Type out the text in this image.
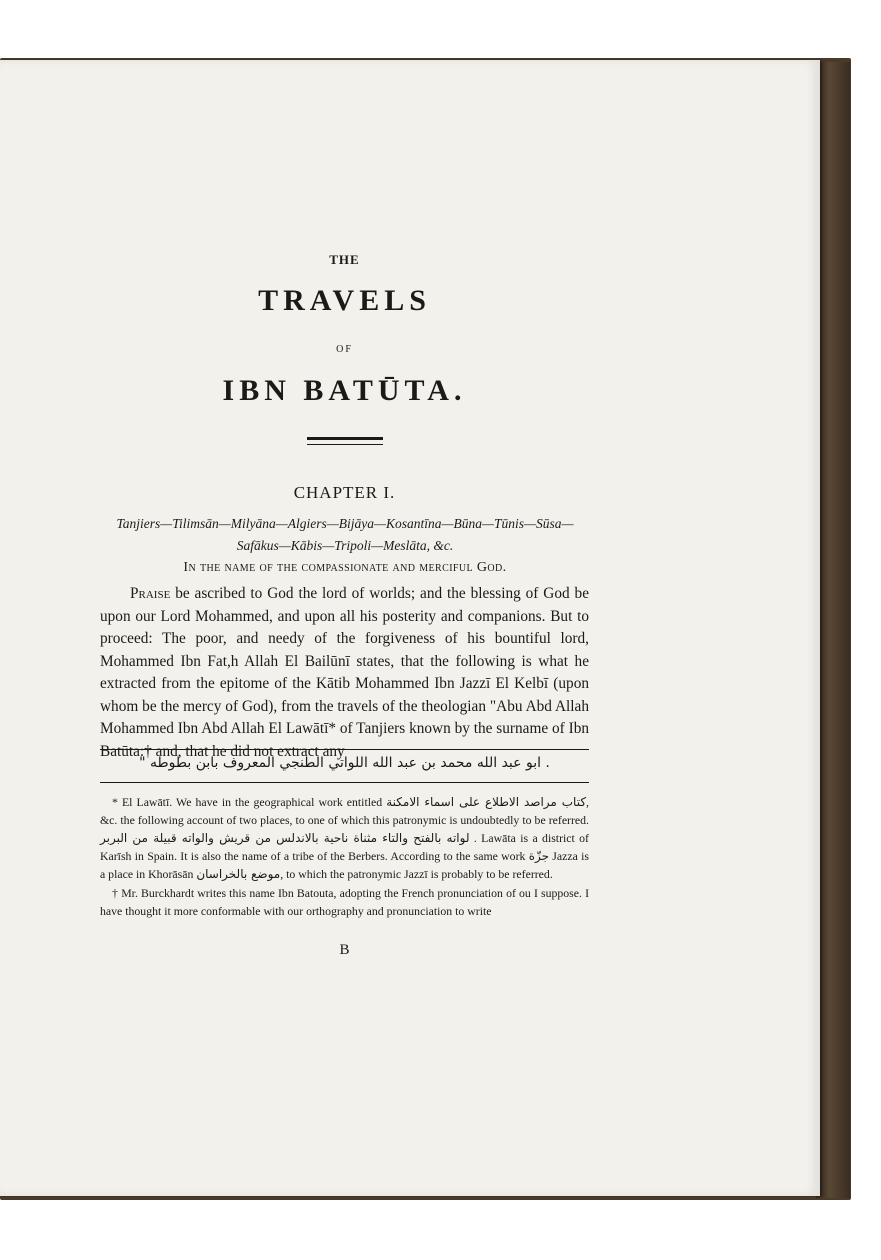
THE
TRAVELS
OF
IBN BATŪTA.
CHAPTER I.
Tanjiers—Tilimsān—Milyāna—Algiers—Bijāya—Kosantīna—Būna—Tūnis—Sūsa—Safākus—Kābis—Tripoli—Meslāta, &c.
In the name of the compassionate and merciful God.

Praise be ascribed to God the lord of worlds; and the blessing of God be upon our Lord Mohammed, and upon all his posterity and companions. But to proceed: The poor, and needy of the forgiveness of his bountiful lord, Mohammed Ibn Fat,h Allah El Bailūnī states, that the following is what he extracted from the epitome of the Kātib Mohammed Ibn Jazzī El Kelbī (upon whom be the mercy of God), from the travels of the theologian "Abu Abd Allah Mohammed Ibn Abd Allah El Lawātī* of Tanjiers known by the surname of Ibn Batūta:† and, that he did not extract any

" ابو عبد الله محمد بن عبد الله اللواتي الطنجي المعروف بابن بطوطه .

* El Lawātī. We have in the geographical work entitled كتاب مراصد الاطلاع على اسماء الامكنة, &c. the following account of two places, to one of which this patronymic is undoubtedly to be referred. لواته بالفتح والتاء مثناة ناحية بالاندلس من قريش والواته قبيلة من البربر . Lawāta is a district of Karīsh in Spain. It is also the name of a tribe of the Berbers. According to the same work جزّة Jazza is a place in Khorāsān موضع بالخراسان, to which the patronymic Jazzī is probably to be referred.

† Mr. Burckhardt writes this name Ibn Batouta, adopting the French pronunciation of ou I suppose. I have thought it more conformable with our orthography and pronunciation to write

B
